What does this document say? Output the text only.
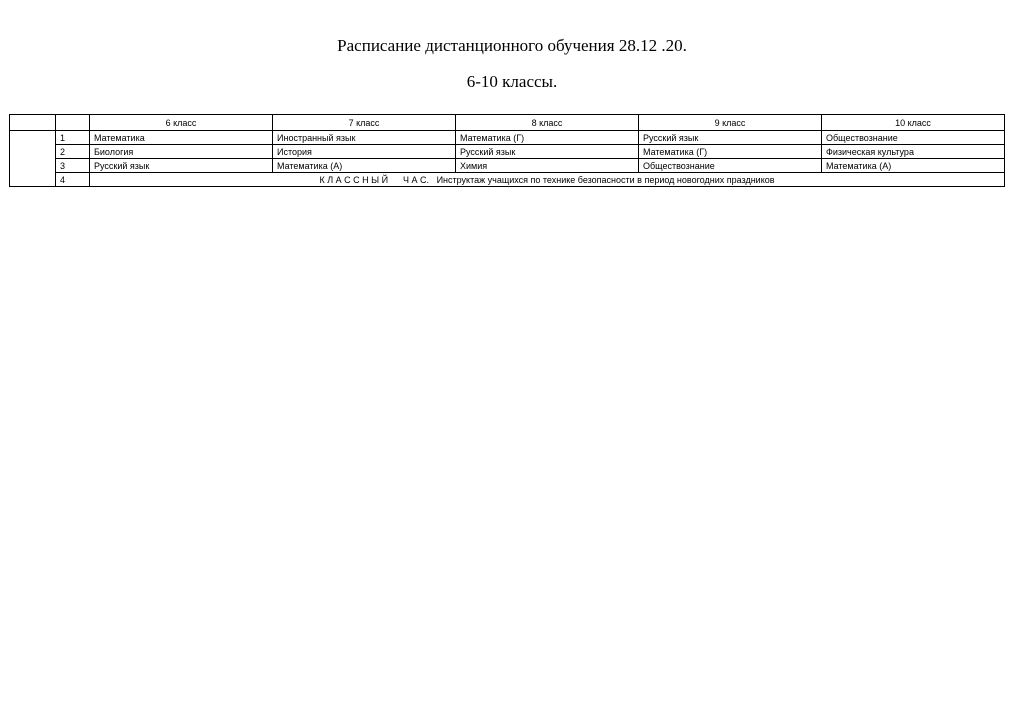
Расписание дистанционного обучения 28.12 .20.
6-10 классы.
		6 класс	7 класс	8 класс	9 класс	10 класс
	1	Математика	Иностранный язык	Математика (Г)	Русский язык	Обществознание
	2	Биология	История	Русский язык	Математика (Г)	Физическая культура
	3	Русский язык	Математика (А)	Химия	Обществознание	Математика (А)
	4	К Л А С С Н Ы Й      Ч А С. Инструктаж учащихся по технике безопасности в период новогодних праздников				
